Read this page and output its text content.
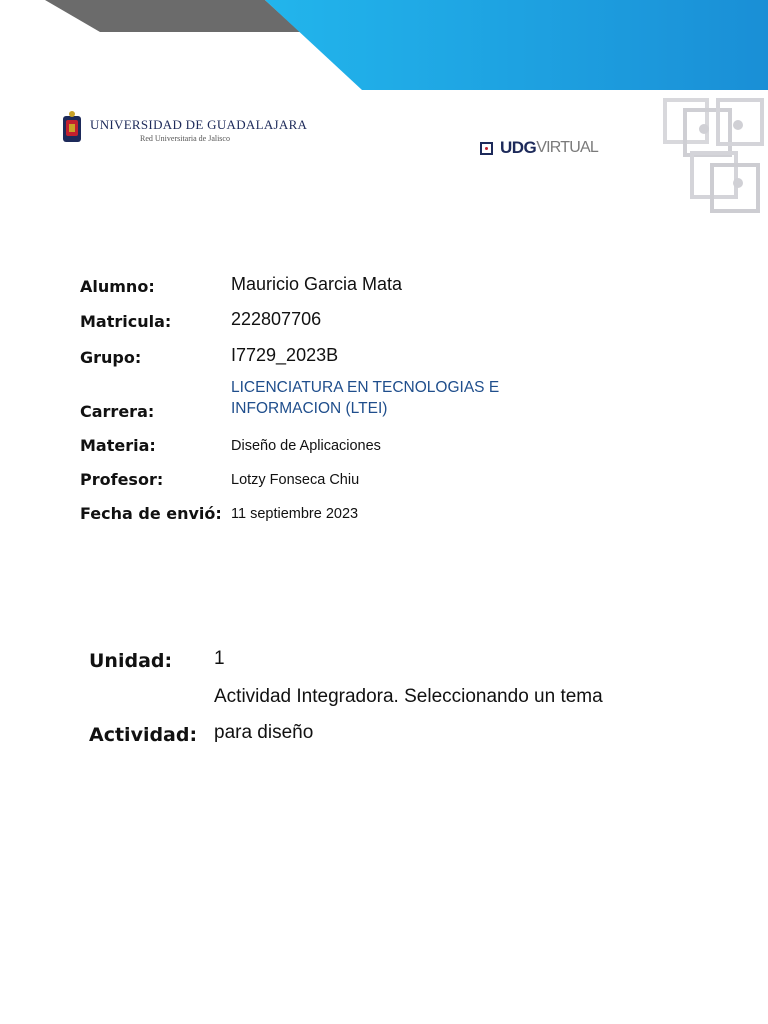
UNIVERSIDAD DE GUADALAJARA
Red Universitaria de Jalisco	UDG VIRTUAL
Alumno:	Mauricio Garcia Mata
Matricula:	222807706
Grupo:	I7729_2023B
Carrera:
LICENCIATURA EN TECNOLOGIAS E INFORMACION (LTEI)
Materia:	Diseño de Aplicaciones
Profesor:	Lotzy Fonseca Chiu
Fecha de envió: 11 septiembre 2023
Unidad: 1
Actividad:
Actividad Integradora. Seleccionando un tema para diseño
